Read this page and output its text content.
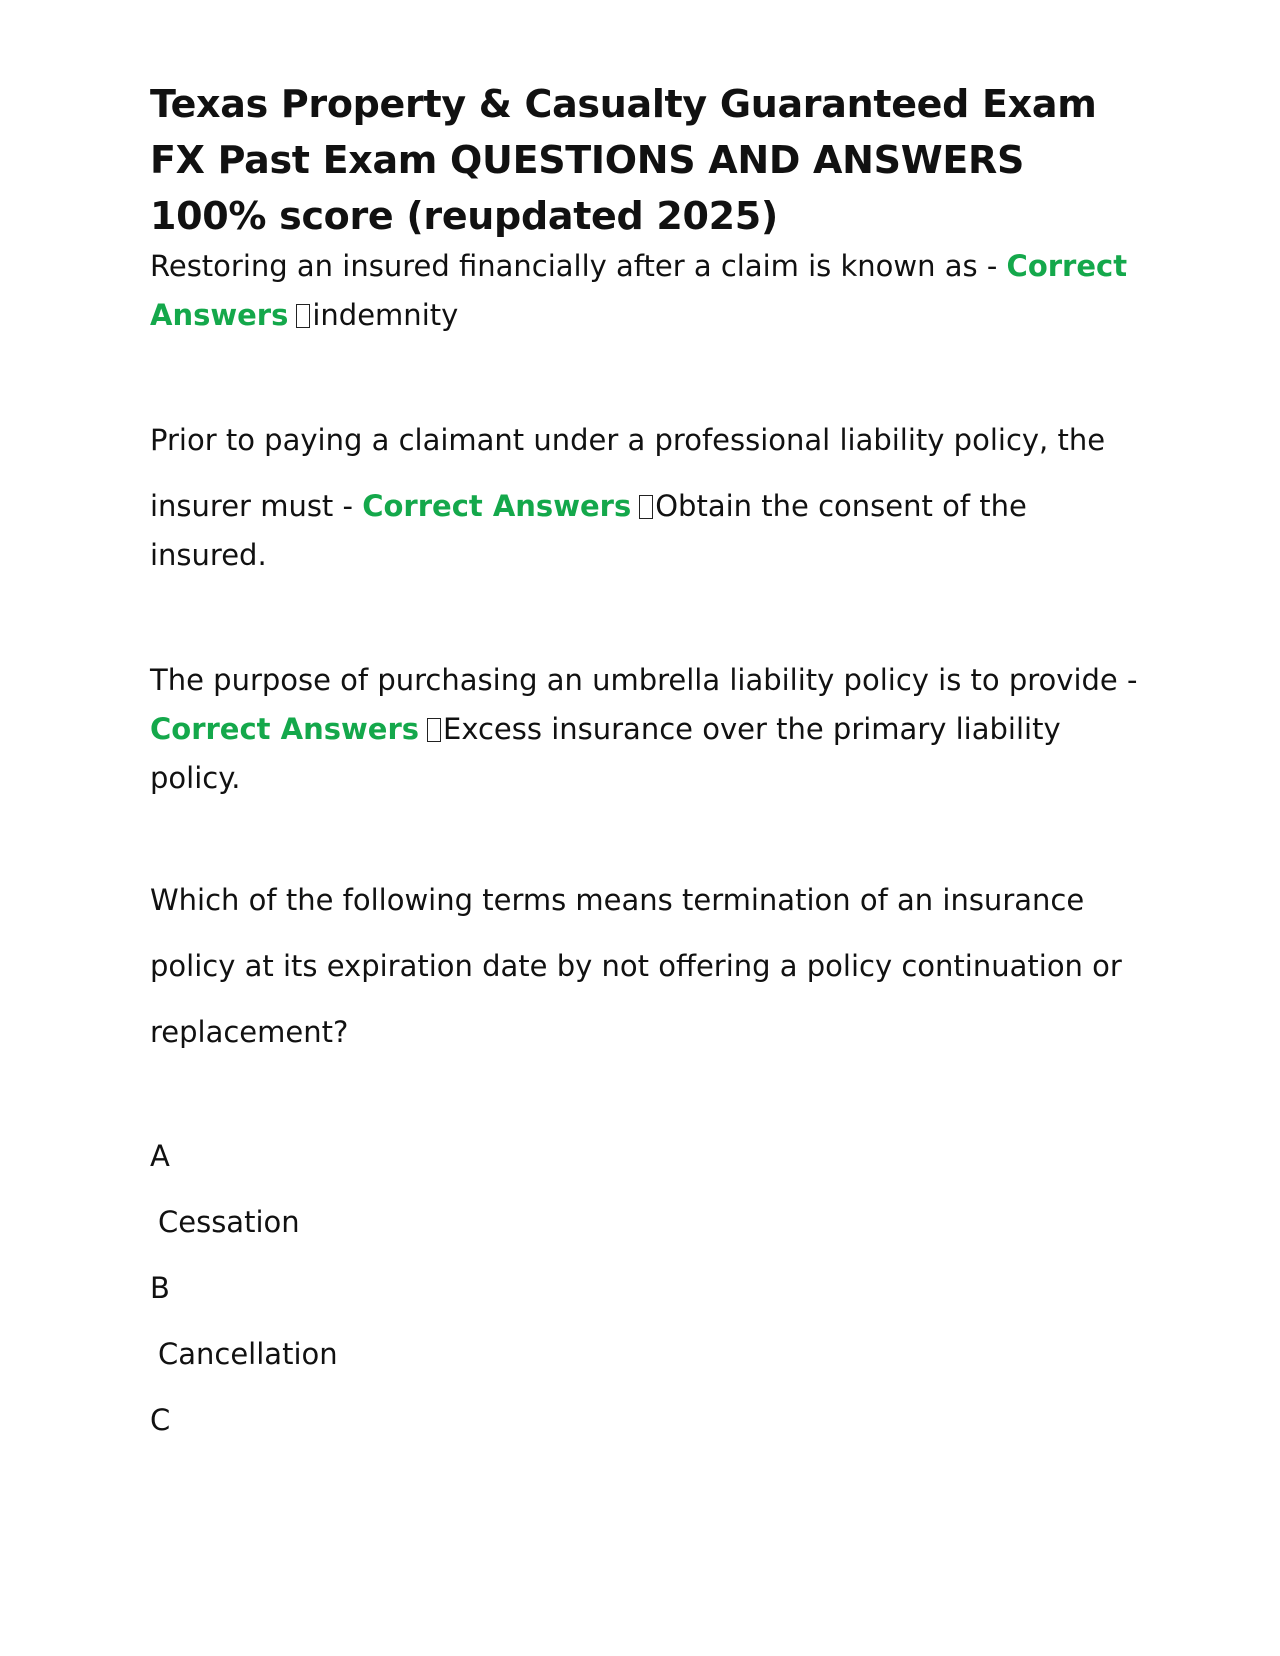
Texas Property & Casualty Guaranteed Exam FX Past Exam QUESTIONS AND ANSWERS 100% score (reupdated 2025)

Restoring an insured financially after a claim is known as - Correct Answers indemnity

Prior to paying a claimant under a professional liability policy, the
insurer must - Correct Answers Obtain the consent of the insured.

The purpose of purchasing an umbrella liability policy is to provide - Correct Answers Excess insurance over the primary liability policy.

Which of the following terms means termination of an insurance
policy at its expiration date by not offering a policy continuation or
replacement?

A

Cessation

B

Cancellation

C
